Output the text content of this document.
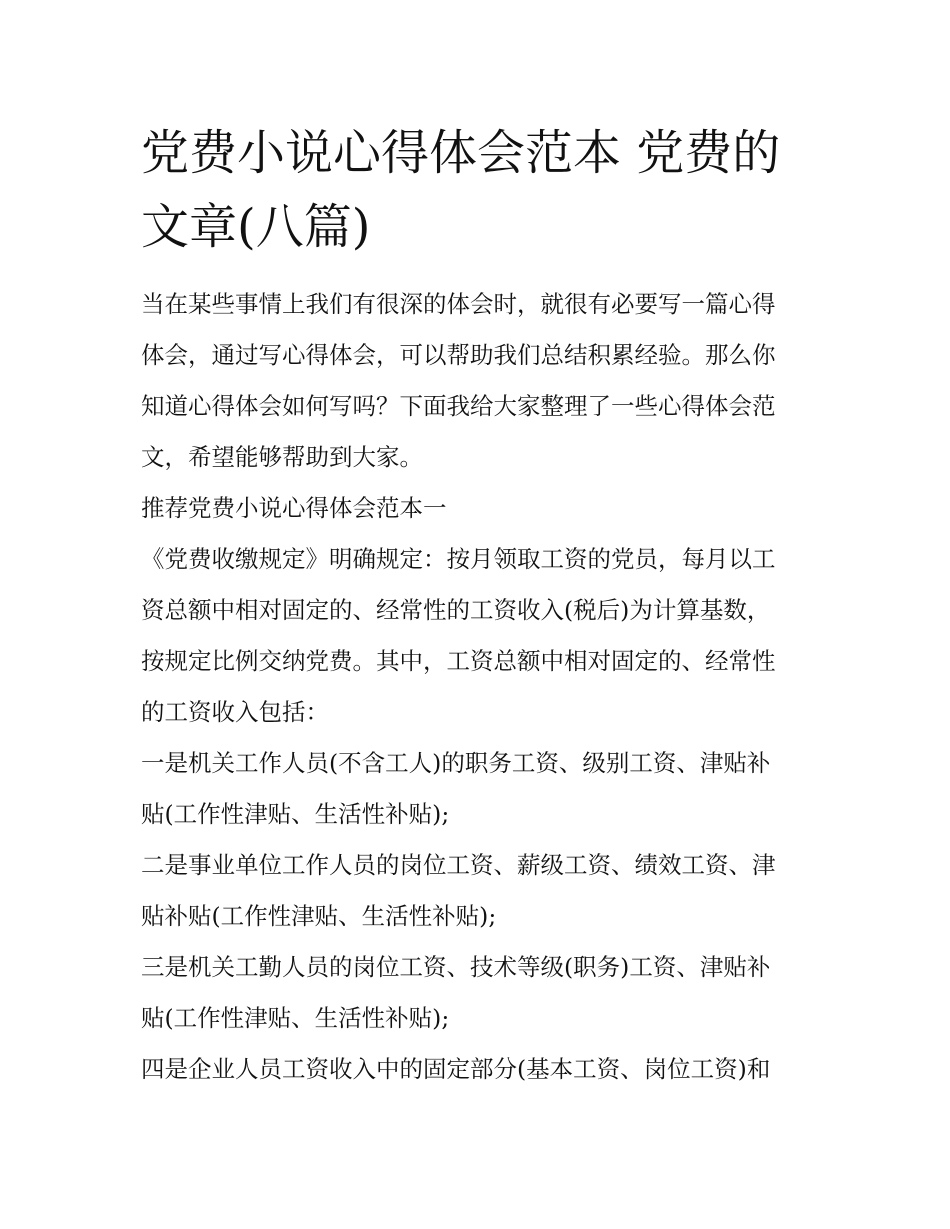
党费小说心得体会范本 党费的
文章(八篇)
当在某些事情上我们有很深的体会时，就很有必要写一篇心得
体会，通过写心得体会，可以帮助我们总结积累经验。那么你
知道心得体会如何写吗？下面我给大家整理了一些心得体会范
文，希望能够帮助到大家。
推荐党费小说心得体会范本一
《党费收缴规定》明确规定：按月领取工资的党员，每月以工
资总额中相对固定的、经常性的工资收入(税后)为计算基数，
按规定比例交纳党费。其中，工资总额中相对固定的、经常性
的工资收入包括：
一是机关工作人员(不含工人)的职务工资、级别工资、津贴补
贴(工作性津贴、生活性补贴);
二是事业单位工作人员的岗位工资、薪级工资、绩效工资、津
贴补贴(工作性津贴、生活性补贴);
三是机关工勤人员的岗位工资、技术等级(职务)工资、津贴补
贴(工作性津贴、生活性补贴);
四是企业人员工资收入中的固定部分(基本工资、岗位工资)和
